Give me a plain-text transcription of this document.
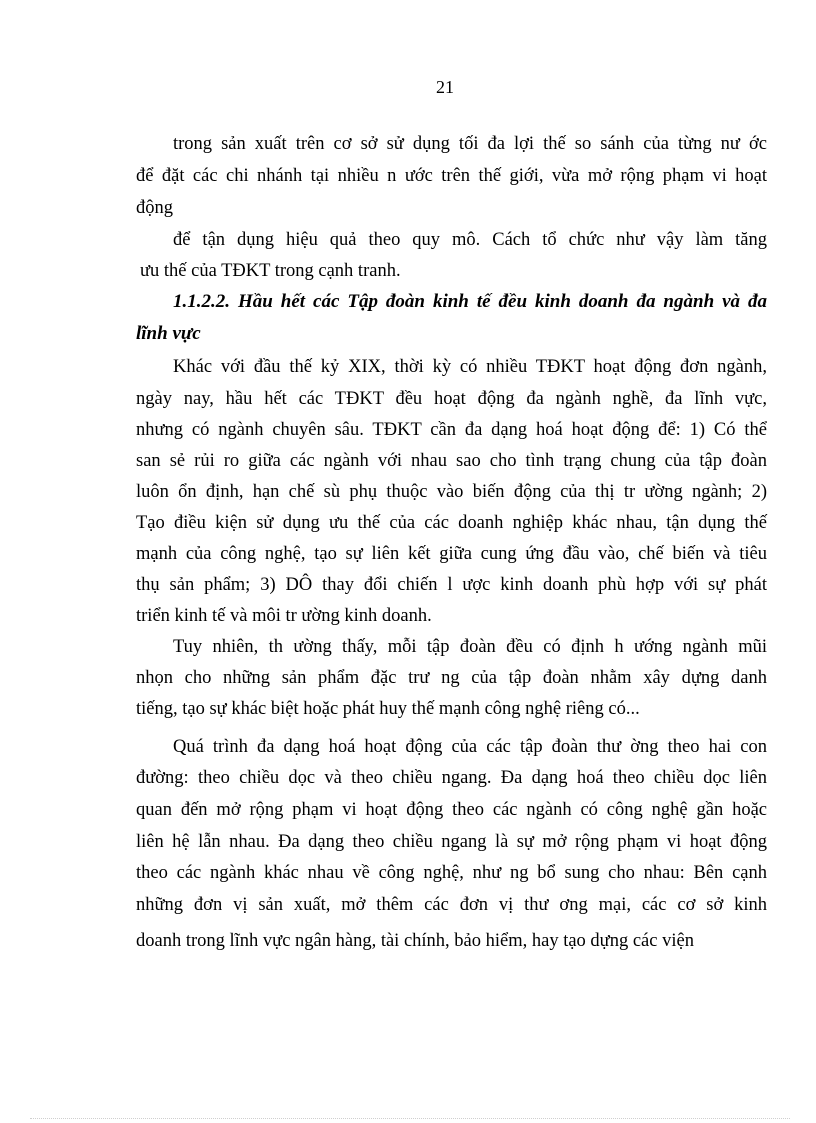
21
trong sản xuất trên cơ sở sử dụng tối đa lợi thế so sánh của từng nư ớc
để đặt các chi nhánh tại nhiều n ước trên thế giới, vừa mở rộng phạm vi hoạt
động
để tận dụng hiệu quả theo quy mô. Cách tổ chức như vậy làm tăng
ưu thế của TĐKT trong cạnh tranh.
1.1.2.2. Hầu hết các Tập đoàn kinh tế đều kinh doanh đa ngành và đa
lĩnh vực
Khác với đầu thế kỷ XIX, thời kỳ có nhiều TĐKT hoạt động đơn ngành,
ngày nay, hầu hết các TĐKT đều hoạt động đa ngành nghề, đa lĩnh vực,
nhưng có ngành chuyên sâu. TĐKT cần đa dạng hoá hoạt động để: 1) Có thể
san sẻ rủi ro giữa các ngành với nhau sao cho tình trạng chung của tập đoàn
luôn ổn định, hạn chế sù phụ thuộc vào biến động của thị tr ường ngành; 2)
Tạo điều kiện sử dụng ưu thế của các doanh nghiệp khác nhau, tận dụng thế
mạnh của công nghệ, tạo sự liên kết giữa cung ứng đầu vào, chế biến và tiêu
thụ sản phẩm; 3) DÔ thay đổi chiến l ược kinh doanh phù hợp với sự phát
triển kinh tế và môi tr ường kinh doanh.
Tuy nhiên, th ường thấy, mỗi tập đoàn đều có định h ướng ngành mũi
nhọn cho những sản phẩm đặc trư ng của tập đoàn nhằm xây dựng danh
tiếng, tạo sự khác biệt hoặc phát huy thế mạnh công nghệ riêng có...
Quá trình đa dạng hoá hoạt động của các tập đoàn thư ờng theo hai con
đường: theo chiều dọc và theo chiều ngang. Đa dạng hoá theo chiều dọc liên
quan đến mở rộng phạm vi hoạt động theo các ngành có công nghệ gần hoặc
liên hệ lẫn nhau. Đa dạng theo chiều ngang là sự mở rộng phạm vi hoạt động
theo các ngành khác nhau về công nghệ, như ng bổ sung cho nhau: Bên cạnh
những đơn vị sản xuất, mở thêm các đơn vị thư ơng mại, các cơ sở kinh
doanh trong lĩnh vực ngân hàng, tài chính, bảo hiểm, hay tạo dựng các viện
